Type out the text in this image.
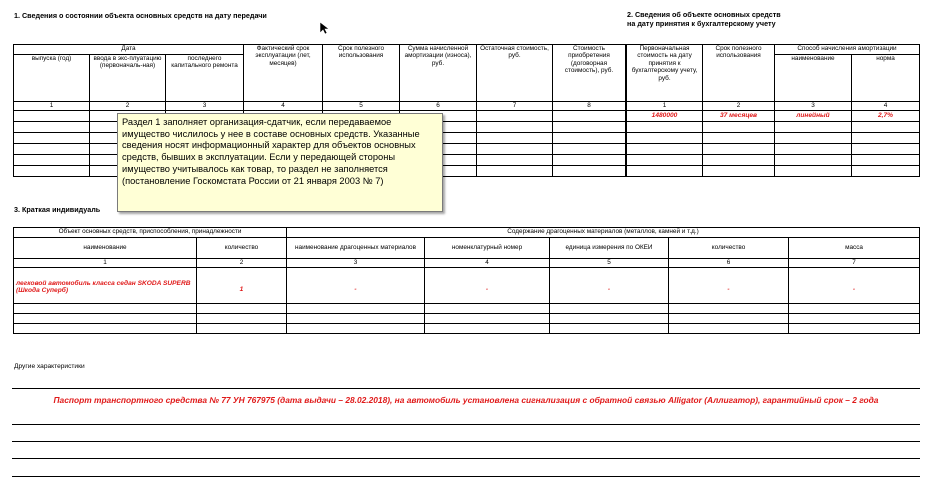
1. Сведения о состоянии объекта основных средств на дату передачи	2. Сведения об объекте основных средств
на дату принятия к бухгалтерскому учету
Дата			Фактический срок эксплуатации (лет, месяцев)	Срок полезного использования	Сумма начисленной амортизации (износа), руб.	Остаточная стоимость, руб.	Стоимость приобретения (договорная стоимость), руб.
выпуска (год)	ввода в экс-плуатацию (первоначаль-ная)	последнего капитального ремонта					
1	2	3	4	5	6	7	8

Первоначальная стоимость на дату принятия к бухгалтерскому учету, руб.	Срок полезного использования	Способ начисления амортизации	
		наименование	норма
1	2	3	4
1480000	37 месяцев	линейный	2,7%

3. Краткая индивидуаль
Объект основных средств, приспособления, принадлежности		Содержание драгоценных материалов (металлов, камней и т.д.)				
наименование	количество	наименование драгоценных материалов	номенклатурный номер	единица измерения по ОКЕИ	количество	масса
1	2	3	4	5	6	7
легковой автомобиль класса седан SKODA SUPERB (Шкода Суперб)	1	-	-	-	-	-

Раздел 1 заполняет организация-сдатчик, если передаваемое имущество числилось у нее в составе основных средств. Указанные сведения носят информационный характер для объектов основных средств, бывших в эксплуатации. Если у передающей стороны имущество учитывалось как товар, то раздел не заполняется (постановление Госкомстата России от 21 января 2003 № 7)
Другие характеристики
Паспорт транспортного средства № 77 УН 767975 (дата выдачи – 28.02.2018), на автомобиль установлена сигнализация с обратной связью Alligator (Аллигатор), гарантийный срок – 2 года
